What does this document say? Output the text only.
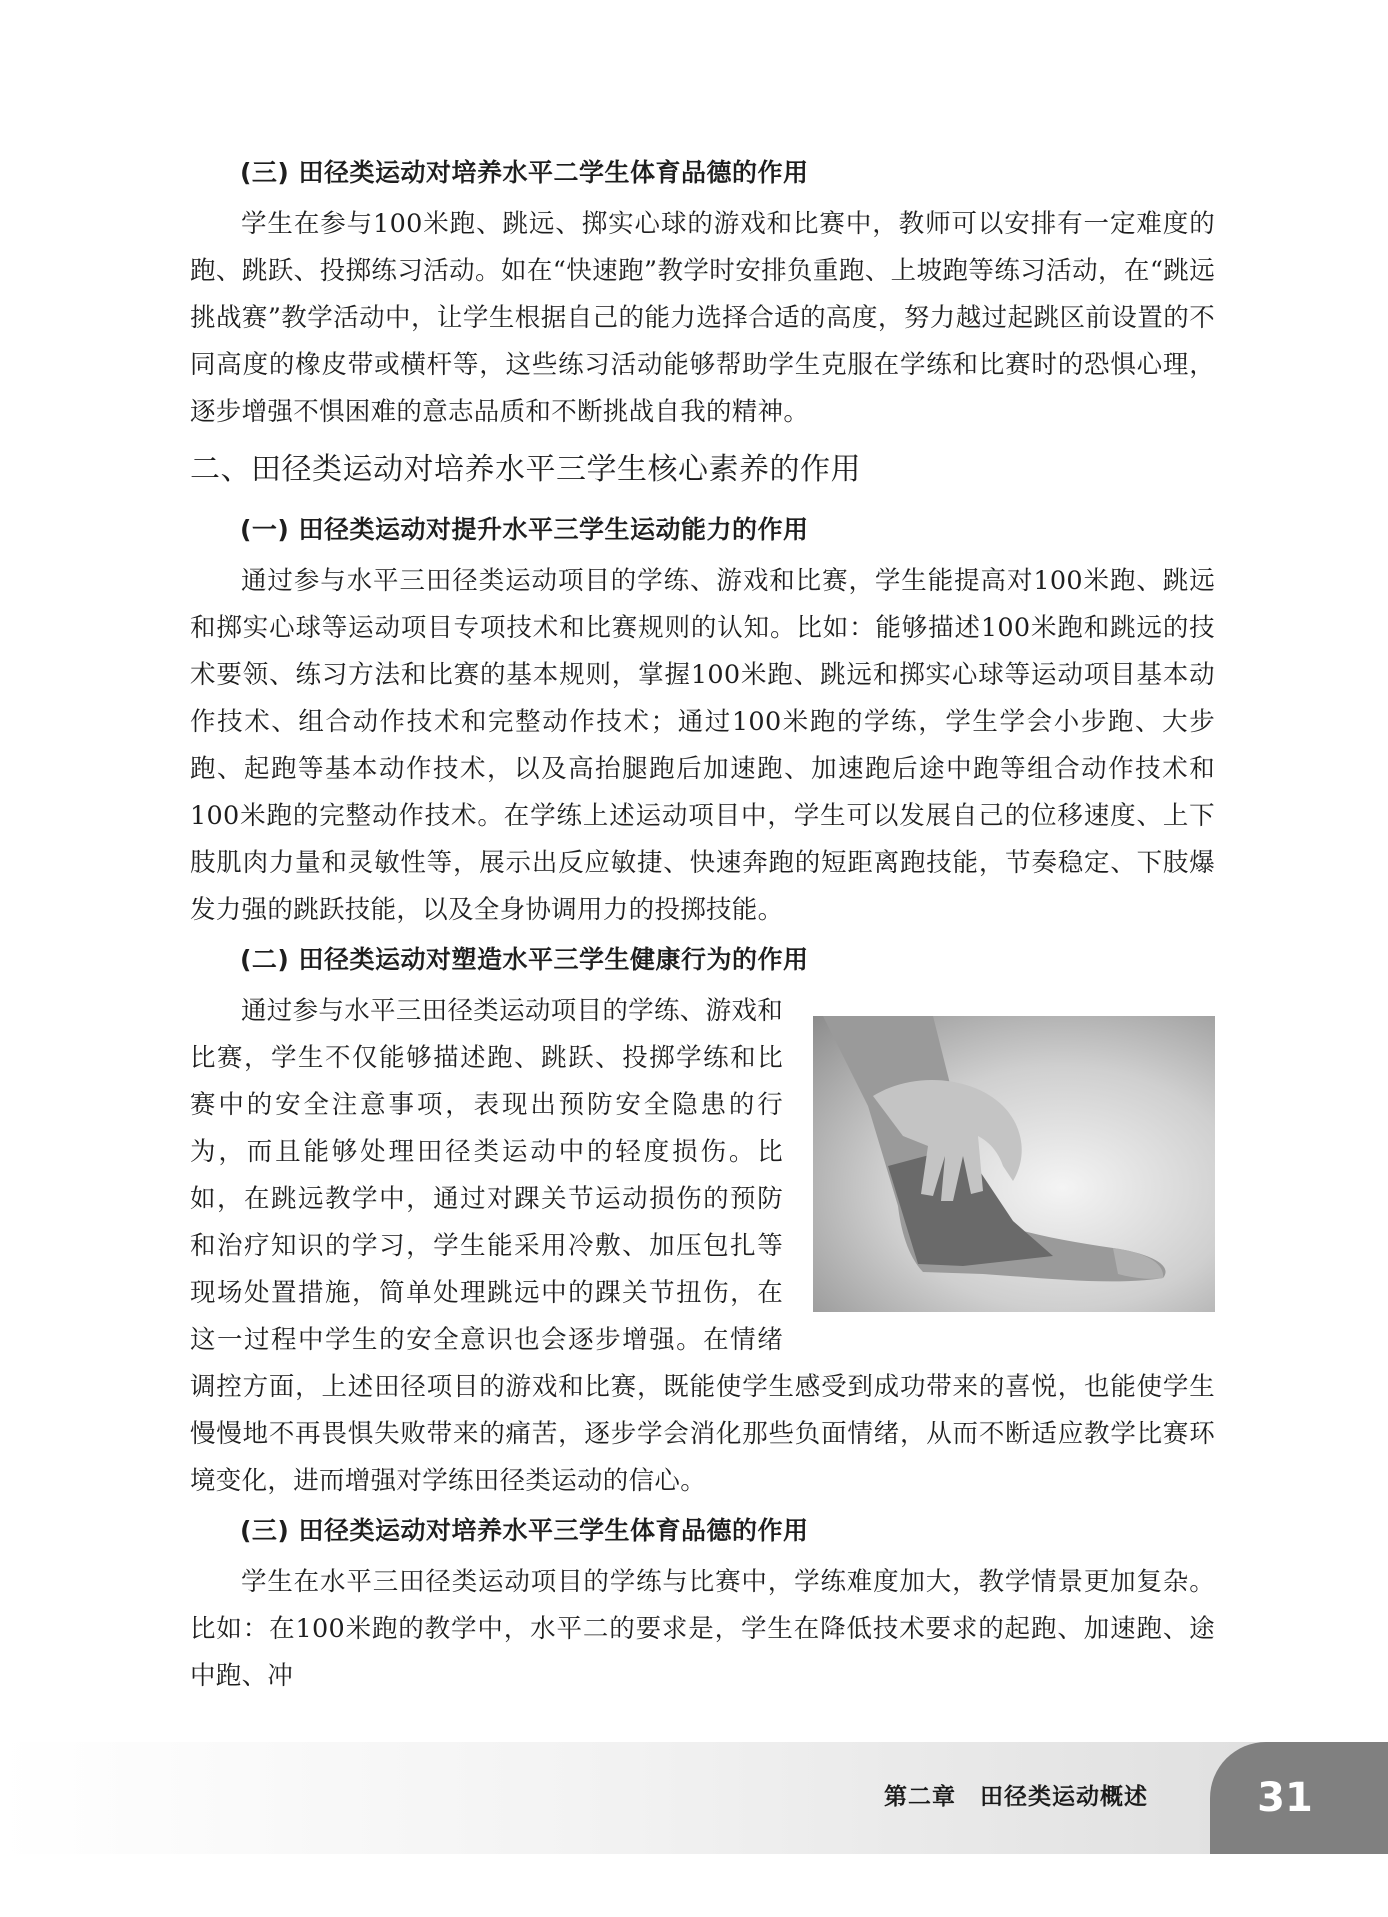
(三) 田径类运动对培养水平二学生体育品德的作用

学生在参与100米跑、跳远、掷实心球的游戏和比赛中，教师可以安排有一定难度的跑、跳跃、投掷练习活动。如在“快速跑”教学时安排负重跑、上坡跑等练习活动，在“跳远挑战赛”教学活动中，让学生根据自己的能力选择合适的高度，努力越过起跳区前设置的不同高度的橡皮带或横杆等，这些练习活动能够帮助学生克服在学练和比赛时的恐惧心理，逐步增强不惧困难的意志品质和不断挑战自我的精神。

二、田径类运动对培养水平三学生核心素养的作用
(一) 田径类运动对提升水平三学生运动能力的作用

通过参与水平三田径类运动项目的学练、游戏和比赛，学生能提高对100米跑、跳远和掷实心球等运动项目专项技术和比赛规则的认知。比如：能够描述100米跑和跳远的技术要领、练习方法和比赛的基本规则，掌握100米跑、跳远和掷实心球等运动项目基本动作技术、组合动作技术和完整动作技术；通过100米跑的学练，学生学会小步跑、大步跑、起跑等基本动作技术，以及高抬腿跑后加速跑、加速跑后途中跑等组合动作技术和100米跑的完整动作技术。在学练上述运动项目中，学生可以发展自己的位移速度、上下肢肌肉力量和灵敏性等，展示出反应敏捷、快速奔跑的短距离跑技能，节奏稳定、下肢爆发力强的跳跃技能，以及全身协调用力的投掷技能。

(二) 田径类运动对塑造水平三学生健康行为的作用

通过参与水平三田径类运动项目的学练、游戏和比赛，学生不仅能够描述跑、跳跃、投掷学练和比赛中的安全注意事项，表现出预防安全隐患的行为，而且能够处理田径类运动中的轻度损伤。比如，在跳远教学中，通过对踝关节运动损伤的预防和治疗知识的学习，学生能采用冷敷、加压包扎等现场处置措施，简单处理跳远中的踝关节扭伤，在这一过程中学生的安全意识也会逐步增强。在情绪调控方面，上述田径项目的游戏和比赛，既能使学生感受到成功带来的喜悦，也能使学生慢慢地不再畏惧失败带来的痛苦，逐步学会消化那些负面情绪，从而不断适应教学比赛环境变化，进而增强对学练田径类运动的信心。

(三) 田径类运动对培养水平三学生体育品德的作用

学生在水平三田径类运动项目的学练与比赛中，学练难度加大，教学情景更加复杂。比如：在100米跑的教学中，水平二的要求是，学生在降低技术要求的起跑、加速跑、途中跑、冲

第二章　田径类运动概述	31
